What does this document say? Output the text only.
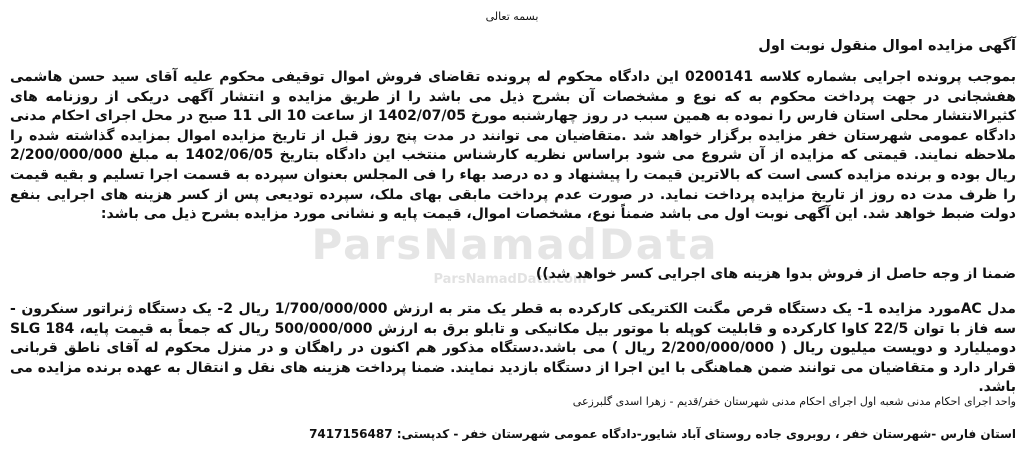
ParsNamadData
ParsNamadData.com
بسمه تعالی
آگهی مزایده اموال منقول نوبت اول

بموجب پرونده اجرایی بشماره کلاسه 0200141 این دادگاه محکوم له پرونده تقاضای فروش اموال توقیفی محکوم علیه آقای سید حسن هاشمی هفشجانی در جهت پرداخت محکوم به که نوع و مشخصات آن بشرح ذیل می باشد را از طریق مزایده و انتشار آگهی دریکی از روزنامه های کثیرالانتشار محلی استان فارس را نموده به همین سبب در روز چهارشنبه مورخ 1402/07/05 از ساعت 10 الی 11 صبح در محل اجرای احکام مدنی دادگاه عمومی شهرستان خفر مزایده برگزار خواهد شد .متقاضیان می توانند در مدت پنج روز قبل از تاریخ مزایده اموال بمزایده گذاشته شده را ملاحظه نمایند. قیمتی که مزایده از آن شروع می شود براساس نظریه کارشناس منتخب این دادگاه بتاریخ 1402/06/05 به مبلغ 2/200/000/000 ریال بوده و برنده مزایده کسی است که بالاترین قیمت را پیشنهاد و ده درصد بهاء را فی المجلس بعنوان سپرده به قسمت اجرا تسلیم و بقیه قیمت را ظرف مدت ده روز از تاریخ مزایده پرداخت نماید. در صورت عدم پرداخت مابقی بهای ملک، سپرده تودیعی پس از کسر هزینه های اجرایی بنفع دولت ضبط خواهد شد. این آگهی نوبت اول می باشد ضمناً نوع، مشخصات اموال، قیمت پایه و نشانی مورد مزایده بشرح ذیل می باشد:

ضمنا از وجه حاصل از فروش بدوا هزینه های اجرایی کسر خواهد شد))

مدل ACمورد مزایده 1- یک دستگاه قرص مگنت الکتریکی کارکرده به قطر یک متر به ارزش 1/700/000/000 ریال 2- یک دستگاه ژنراتور سنکرون - سه فاز با توان 22/5 کاوا کارکرده و قابلیت کوپله با موتور بیل مکانیکی و تابلو برق به ارزش 500/000/000 ریال که جمعاً به قیمت پایه، SLG 184 دومیلیارد و دویست میلیون ریال ( 2/200/000/000 ریال ) می باشد.دستگاه مذکور هم اکنون در راهگان و در منزل محکوم له آقای ناطق قربانی قرار دارد و متقاضیان می توانند ضمن هماهنگی با این اجرا از دستگاه بازدید نمایند. ضمنا پرداخت هزینه های نقل و انتقال به عهده برنده مزایده می باشد.

واحد اجرای احکام مدنی شعبه اول اجرای احکام مدنی شهرستان خفر/قدیم - زهرا اسدی گلبرزعی

استان فارس -شهرستان خفر ، روبروی جاده روستای آباد شایور-دادگاه عمومی شهرستان خفر - کدپستی: 7417156487
